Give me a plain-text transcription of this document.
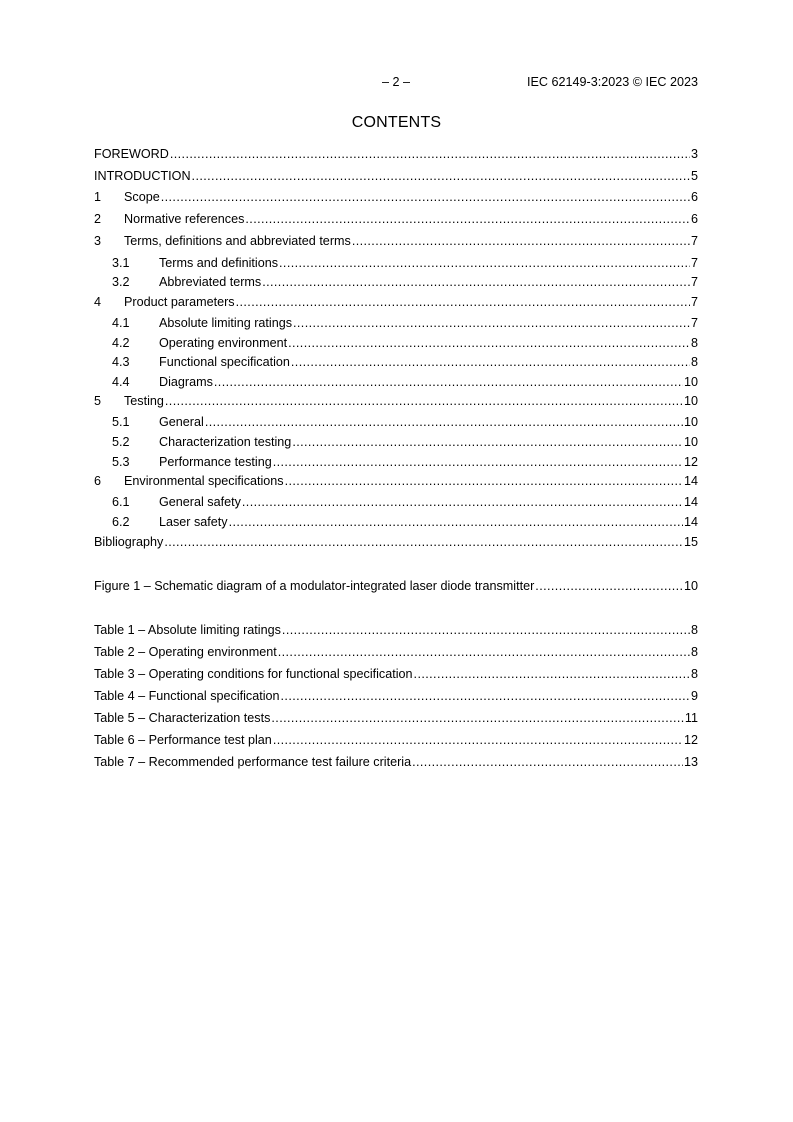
– 2 –	IEC 62149-3:2023 © IEC 2023
CONTENTS
FOREWORD .....	3
INTRODUCTION .....	5
1	Scope .....	6
2	Normative references .....	6
3	Terms, definitions and abbreviated terms .....	7
3.1	Terms and definitions .....	7
3.2	Abbreviated terms .....	7
4	Product parameters .....	7
4.1	Absolute limiting ratings .....	7
4.2	Operating environment .....	8
4.3	Functional specification .....	8
4.4	Diagrams .....	10
5	Testing .....	10
5.1	General .....	10
5.2	Characterization testing .....	10
5.3	Performance testing .....	12
6	Environmental specifications .....	14
6.1	General safety .....	14
6.2	Laser safety .....	14
Bibliography .....	15
Figure 1 – Schematic diagram of a modulator-integrated laser diode transmitter .....	10
Table 1 – Absolute limiting ratings .....	8
Table 2 – Operating environment .....	8
Table 3 – Operating conditions for functional specification .....	8
Table 4 – Functional specification .....	9
Table 5 – Characterization tests .....	11
Table 6 – Performance test plan .....	12
Table 7 – Recommended performance test failure criteria .....	13
